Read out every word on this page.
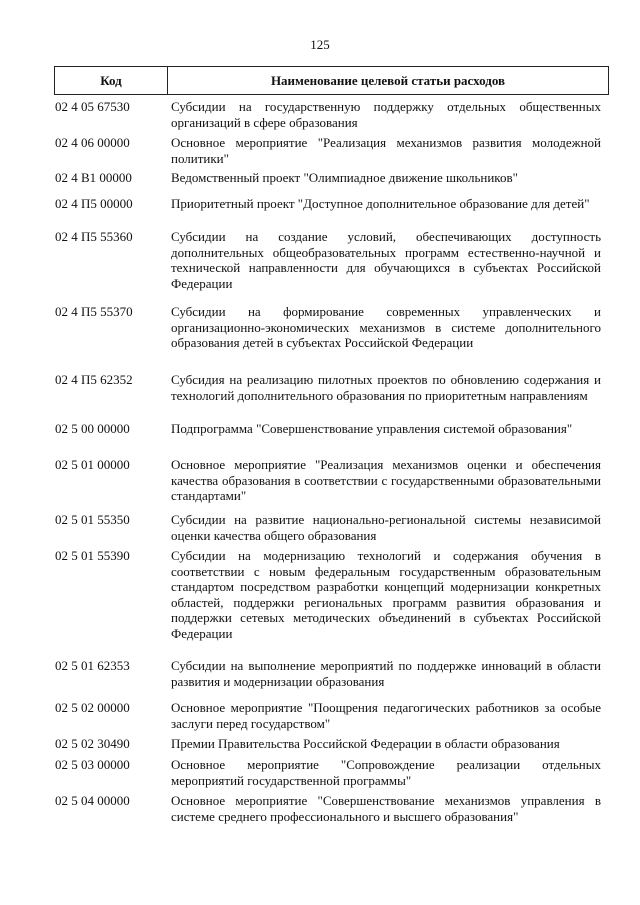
125
Код	Наименование целевой статьи расходов
02 4 05 67530	Субсидии на государственную поддержку отдельных общественных организаций в сфере образования
02 4 06 00000	Основное мероприятие "Реализация механизмов развития молодежной политики"
02 4 В1 00000	Ведомственный проект "Олимпиадное движение школьников"
02 4 П5 00000	Приоритетный проект "Доступное дополнительное образование для детей"
02 4 П5 55360	Субсидии на создание условий, обеспечивающих доступность дополнительных общеобразовательных программ естественно-научной и технической направленности для обучающихся в субъектах Российской Федерации
02 4 П5 55370	Субсидии на формирование современных управленческих и организационно-экономических механизмов в системе дополнительного образования детей в субъектах Российской Федерации
02 4 П5 62352	Субсидия на реализацию пилотных проектов по обновлению содержания и технологий дополнительного образования по приоритетным направлениям
02 5 00 00000	Подпрограмма "Совершенствование управления системой образования"
02 5 01 00000	Основное мероприятие "Реализация механизмов оценки и обеспечения качества образования в соответствии с государственными образовательными стандартами"
02 5 01 55350	Субсидии на развитие национально-региональной системы независимой оценки качества общего образования
02 5 01 55390	Субсидии на модернизацию технологий и содержания обучения в соответствии с новым федеральным государственным образовательным стандартом посредством разработки концепций модернизации конкретных областей, поддержки региональных программ развития образования и поддержки сетевых методических объединений в субъектах Российской Федерации
02 5 01 62353	Субсидии на выполнение мероприятий по поддержке инноваций в области развития и модернизации образования
02 5 02 00000	Основное мероприятие "Поощрения педагогических работников за особые заслуги перед государством"
02 5 02 30490	Премии Правительства Российской Федерации в области образования
02 5 03 00000	Основное мероприятие "Сопровождение реализации отдельных мероприятий государственной программы"
02 5 04 00000	Основное мероприятие "Совершенствование механизмов управления в системе среднего профессионального и высшего образования"
